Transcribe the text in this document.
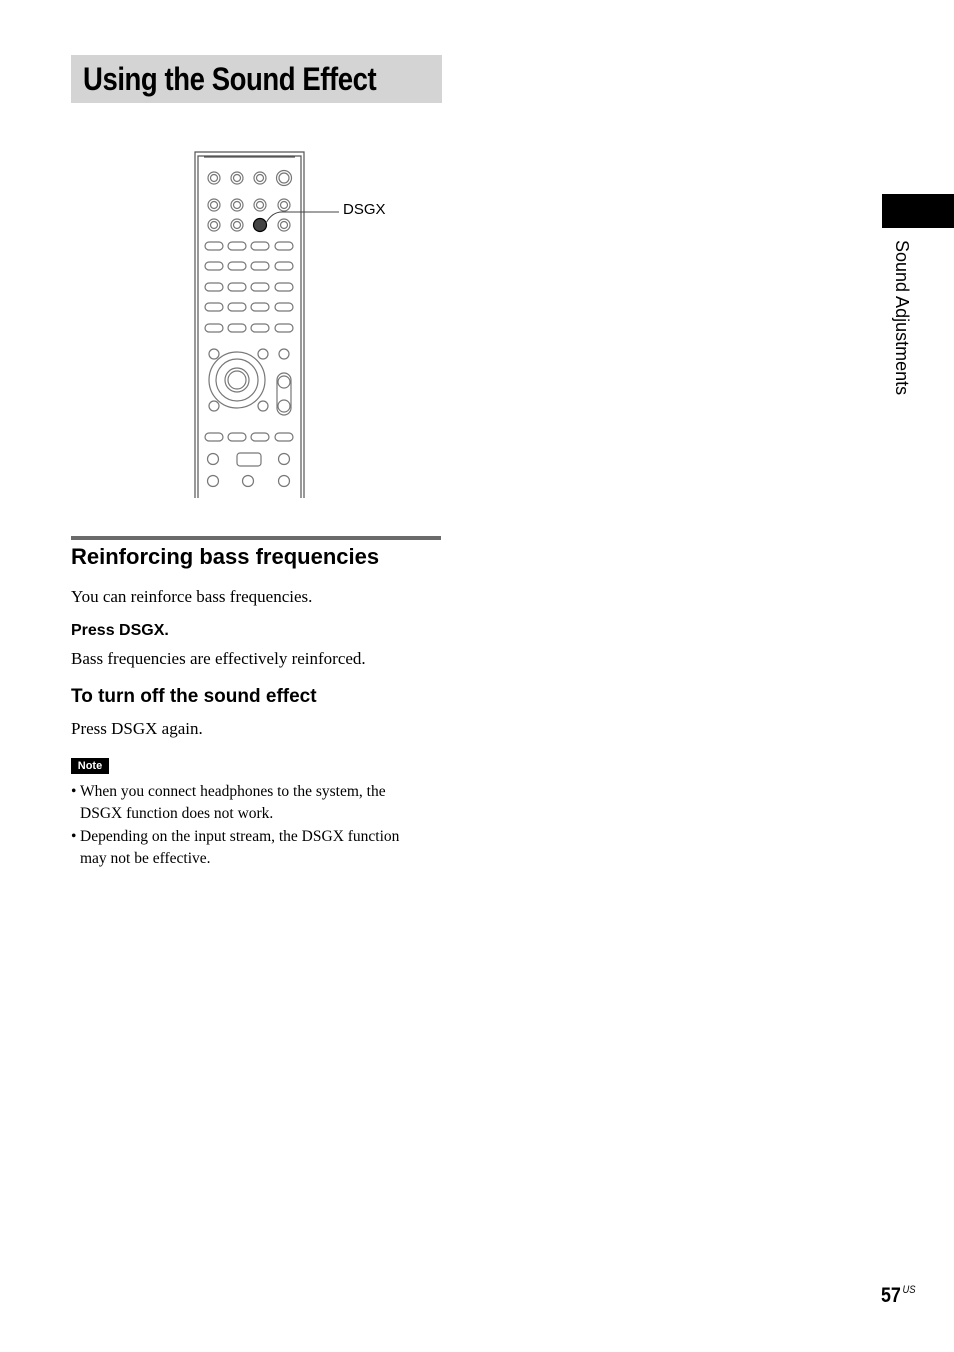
Using the Sound Effect
DSGX
Reinforcing bass frequencies
You can reinforce bass frequencies.
Press DSGX.
Bass frequencies are effectively reinforced.
To turn off the sound effect
Press DSGX again.
Note
• When you connect headphones to the system, the
DSGX function does not work.
• Depending on the input stream, the DSGX function
may not be effective.
Sound Adjustments
57 $^{US}$
